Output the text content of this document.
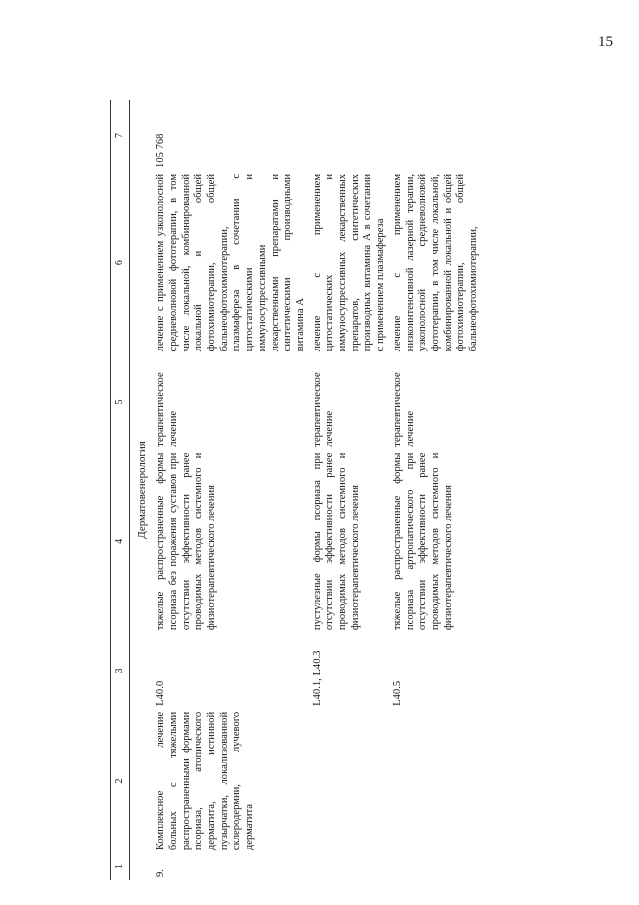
15
1	2	3	4	5	6	7
Дерматовенерология						
9.	Комплексное лечение больных с тяжелыми распространенными формами псориаза, атопического дерматита, истинной пузырчатки, локализованной склеродермии, лучевого дерматита	L40.0	тяжелые распространенные формы псориаза без поражения суставов при отсутствии эффективности ранее проводимых методов системного и физиотерапевтического лечения	терапевтическое лечение	лечение с применением узкополосной средневолновой фототерапии, в том числе локальной, комбинированной локальной и общей фотохимиотерапии, общей бальнеофотохимиотерапии, плазмафереза в сочетании с цитостатическими и иммуносупрессивными лекарственными препаратами и синтетическими производными витамина А	105 768
		L40.1, L40.3	пустулезные формы псориаза при отсутствии эффективности ранее проводимых методов системного и физиотерапевтического лечения	терапевтическое лечение	лечение с применением цитостатических и иммуносупрессивных лекарственных препаратов, синтетических производных витамина А в сочетании с применением плазмафереза	
		L40.5	тяжелые распространенные формы псориаза артропатического при отсутствии эффективности ранее проводимых методов системного и физиотерапевтического лечения	терапевтическое лечение	лечение с применением низкоинтенсивной лазерной терапии, узкополосной средневолновой фототерапии, в том числе локальной, комбинированной локальной и общей фотохимиотерапии, общей бальнеофотохимиотерапии,	
